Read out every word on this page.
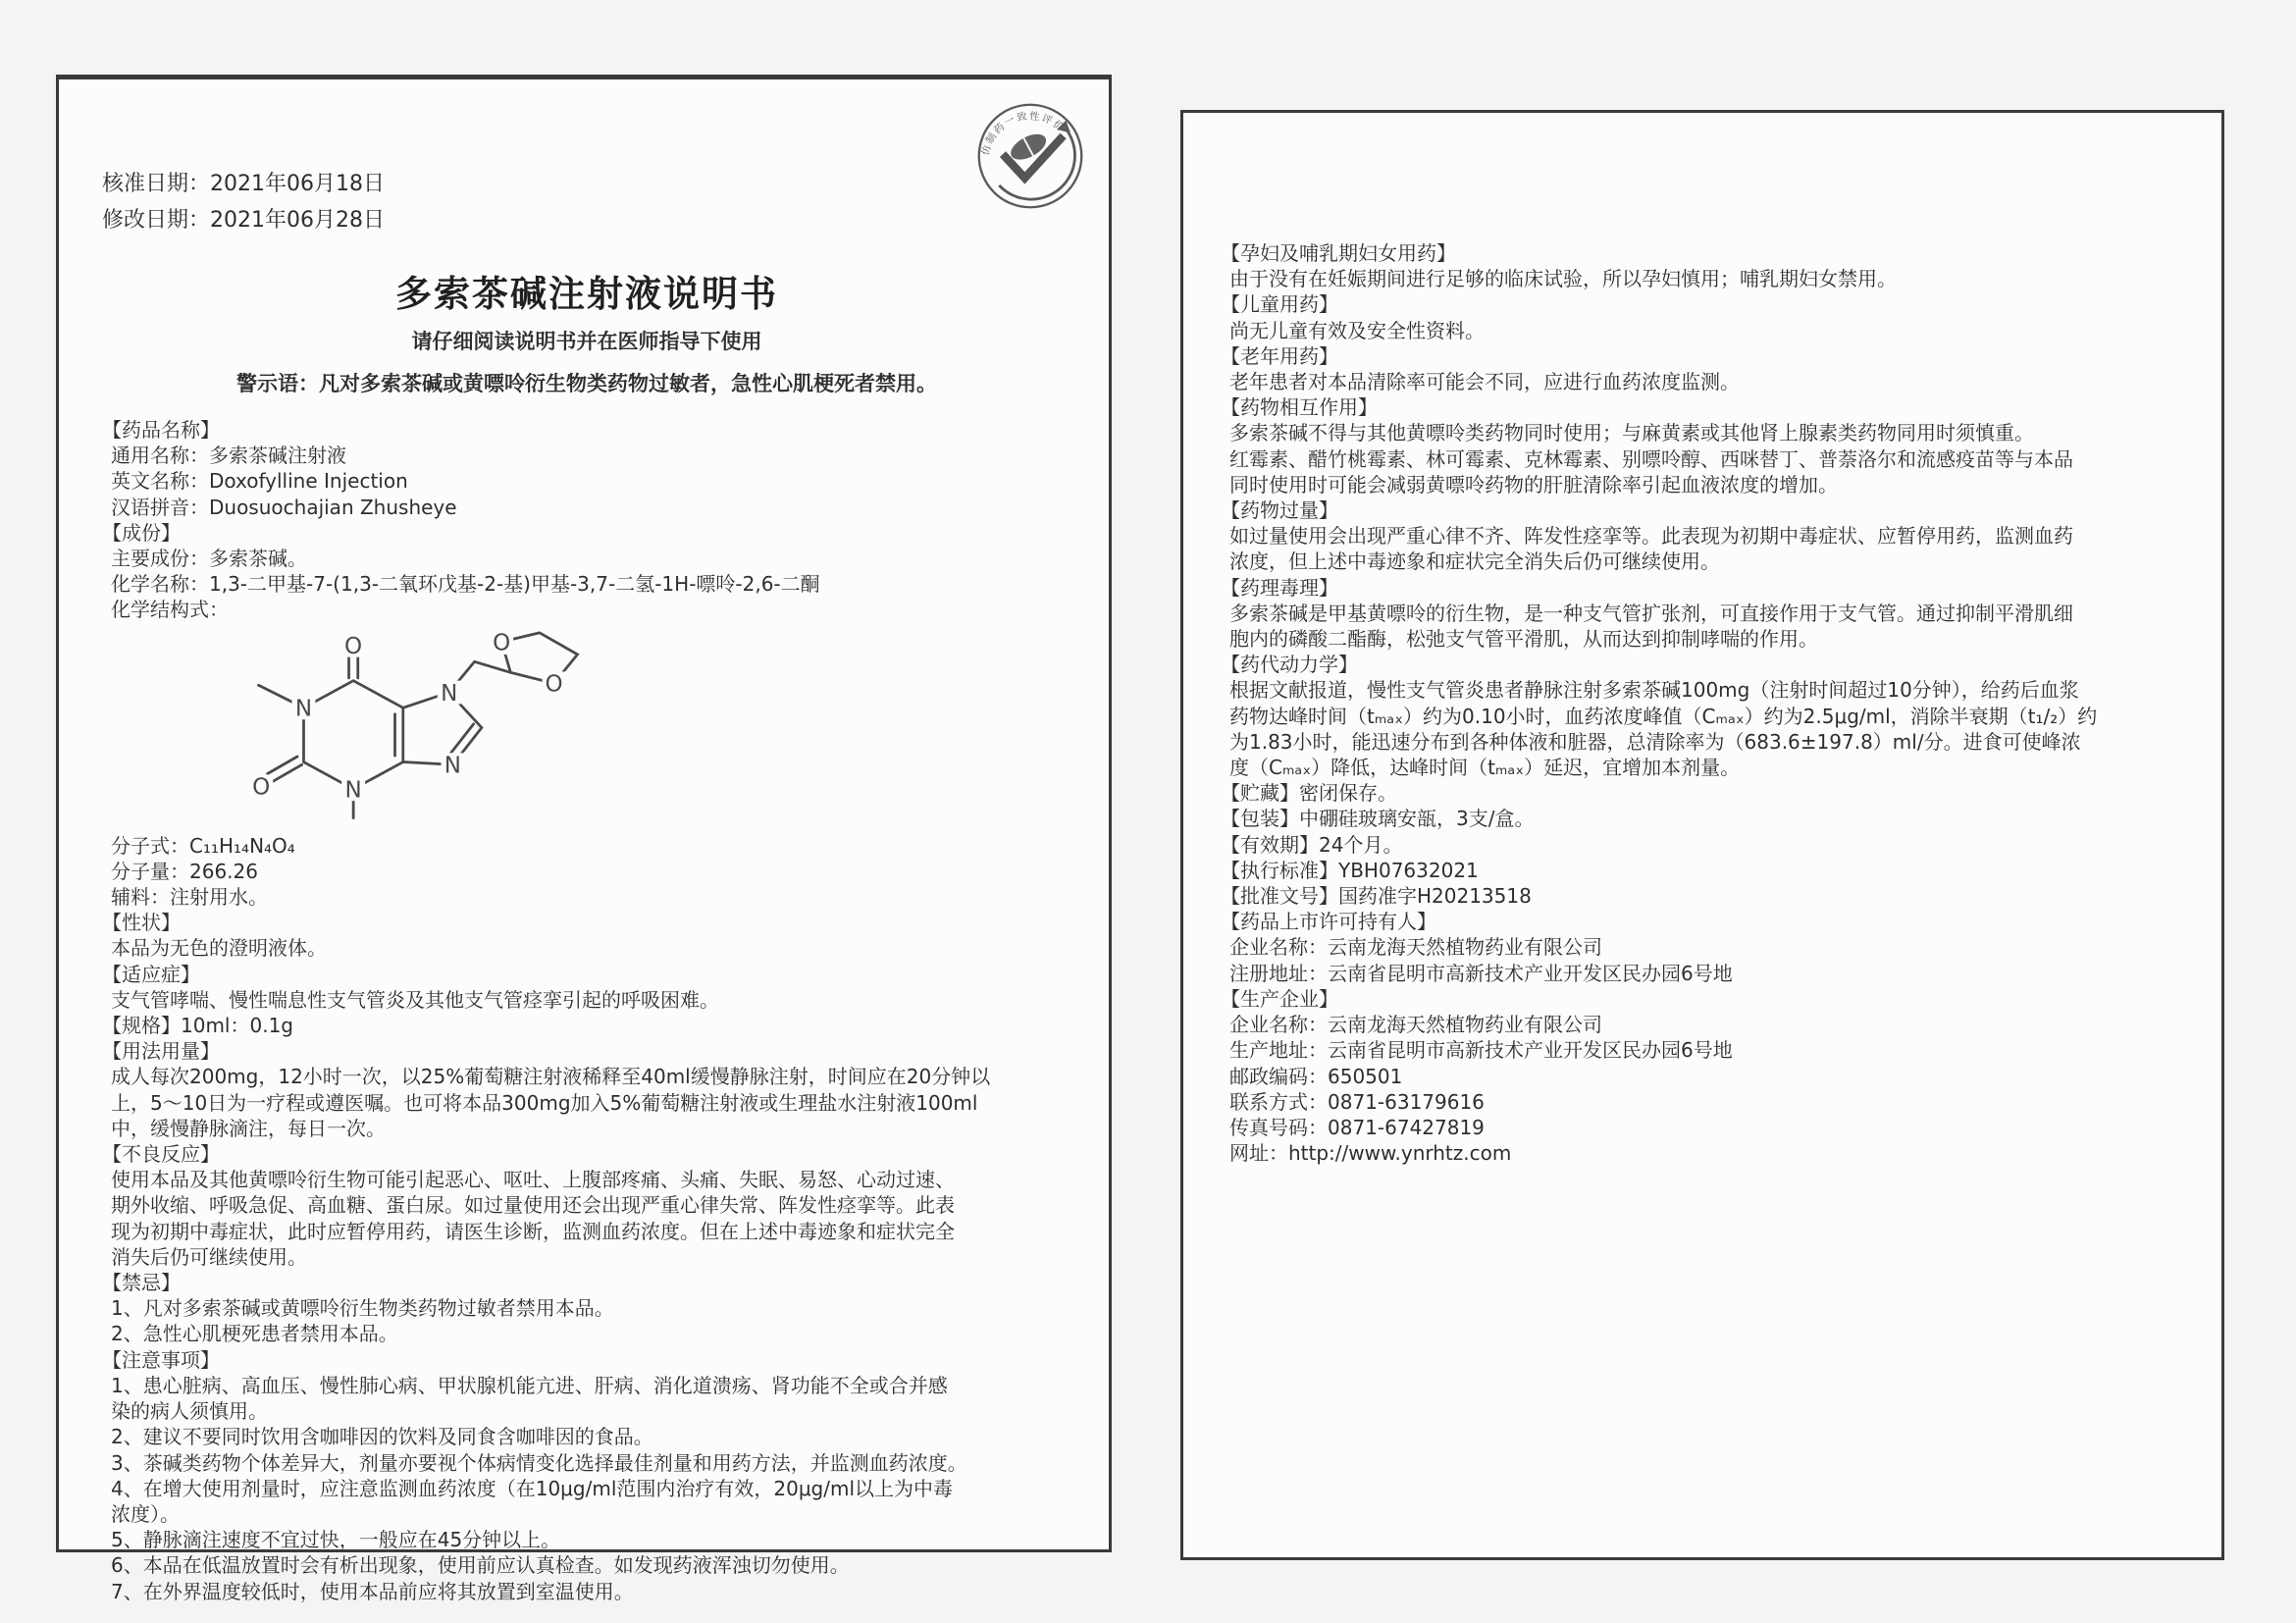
仿制药一致性评价
核准日期：2021年06月18日
修改日期：2021年06月28日
多索茶碱注射液说明书
请仔细阅读说明书并在医师指导下使用
警示语：凡对多索茶碱或黄嘌呤衍生物类药物过敏者，急性心肌梗死者禁用。
【药品名称】
通用名称：多索茶碱注射液
英文名称：Doxofylline Injection
汉语拼音：Duosuochajian Zhusheye
【成份】
主要成份：多索茶碱。
化学名称：1,3-二甲基-7-(1,3-二氧环戊基-2-基)甲基-3,7-二氢-1H-嘌呤-2,6-二酮
化学结构式：
N
N
N
N
O
O
O
O
分子式：C₁₁H₁₄N₄O₄
分子量：266.26
辅料：注射用水。
【性状】
本品为无色的澄明液体。
【适应症】
支气管哮喘、慢性喘息性支气管炎及其他支气管痉挛引起的呼吸困难。
【规格】10ml：0.1g
【用法用量】
成人每次200mg，12小时一次，以25%葡萄糖注射液稀释至40ml缓慢静脉注射，时间应在20分钟以
上，5～10日为一疗程或遵医嘱。也可将本品300mg加入5%葡萄糖注射液或生理盐水注射液100ml
中，缓慢静脉滴注，每日一次。
【不良反应】
使用本品及其他黄嘌呤衍生物可能引起恶心、呕吐、上腹部疼痛、头痛、失眠、易怒、心动过速、
期外收缩、呼吸急促、高血糖、蛋白尿。如过量使用还会出现严重心律失常、阵发性痉挛等。此表
现为初期中毒症状，此时应暂停用药，请医生诊断，监测血药浓度。但在上述中毒迹象和症状完全
消失后仍可继续使用。
【禁忌】
1、凡对多索茶碱或黄嘌呤衍生物类药物过敏者禁用本品。
2、急性心肌梗死患者禁用本品。
【注意事项】
1、患心脏病、高血压、慢性肺心病、甲状腺机能亢进、肝病、消化道溃疡、肾功能不全或合并感
染的病人须慎用。
2、建议不要同时饮用含咖啡因的饮料及同食含咖啡因的食品。
3、茶碱类药物个体差异大，剂量亦要视个体病情变化选择最佳剂量和用药方法，并监测血药浓度。
4、在增大使用剂量时，应注意监测血药浓度（在10μg/ml范围内治疗有效，20μg/ml以上为中毒
浓度）。
5、静脉滴注速度不宜过快，一般应在45分钟以上。
6、本品在低温放置时会有析出现象，使用前应认真检查。如发现药液浑浊切勿使用。
7、在外界温度较低时，使用本品前应将其放置到室温使用。
【孕妇及哺乳期妇女用药】
由于没有在妊娠期间进行足够的临床试验，所以孕妇慎用；哺乳期妇女禁用。
【儿童用药】
尚无儿童有效及安全性资料。
【老年用药】
老年患者对本品清除率可能会不同，应进行血药浓度监测。
【药物相互作用】
多索茶碱不得与其他黄嘌呤类药物同时使用；与麻黄素或其他肾上腺素类药物同用时须慎重。
红霉素、醋竹桃霉素、林可霉素、克林霉素、别嘌呤醇、西咪替丁、普萘洛尔和流感疫苗等与本品
同时使用时可能会减弱黄嘌呤药物的肝脏清除率引起血液浓度的增加。
【药物过量】
如过量使用会出现严重心律不齐、阵发性痉挛等。此表现为初期中毒症状、应暂停用药，监测血药
浓度，但上述中毒迹象和症状完全消失后仍可继续使用。
【药理毒理】
多索茶碱是甲基黄嘌呤的衍生物，是一种支气管扩张剂，可直接作用于支气管。通过抑制平滑肌细
胞内的磷酸二酯酶，松弛支气管平滑肌，从而达到抑制哮喘的作用。
【药代动力学】
根据文献报道，慢性支气管炎患者静脉注射多索茶碱100mg（注射时间超过10分钟），给药后血浆
药物达峰时间（tₘₐₓ）约为0.10小时，血药浓度峰值（Cₘₐₓ）约为2.5μg/ml，消除半衰期（t₁/₂）约
为1.83小时，能迅速分布到各种体液和脏器，总清除率为（683.6±197.8）ml/分。进食可使峰浓
度（Cₘₐₓ）降低，达峰时间（tₘₐₓ）延迟，宜增加本剂量。
【贮藏】密闭保存。
【包装】中硼硅玻璃安瓿，3支/盒。
【有效期】24个月。
【执行标准】YBH07632021
【批准文号】国药准字H20213518
【药品上市许可持有人】
企业名称：云南龙海天然植物药业有限公司
注册地址：云南省昆明市高新技术产业开发区民办园6号地
【生产企业】
企业名称：云南龙海天然植物药业有限公司
生产地址：云南省昆明市高新技术产业开发区民办园6号地
邮政编码：650501
联系方式：0871-63179616
传真号码：0871-67427819
网址：http://www.ynrhtz.com
